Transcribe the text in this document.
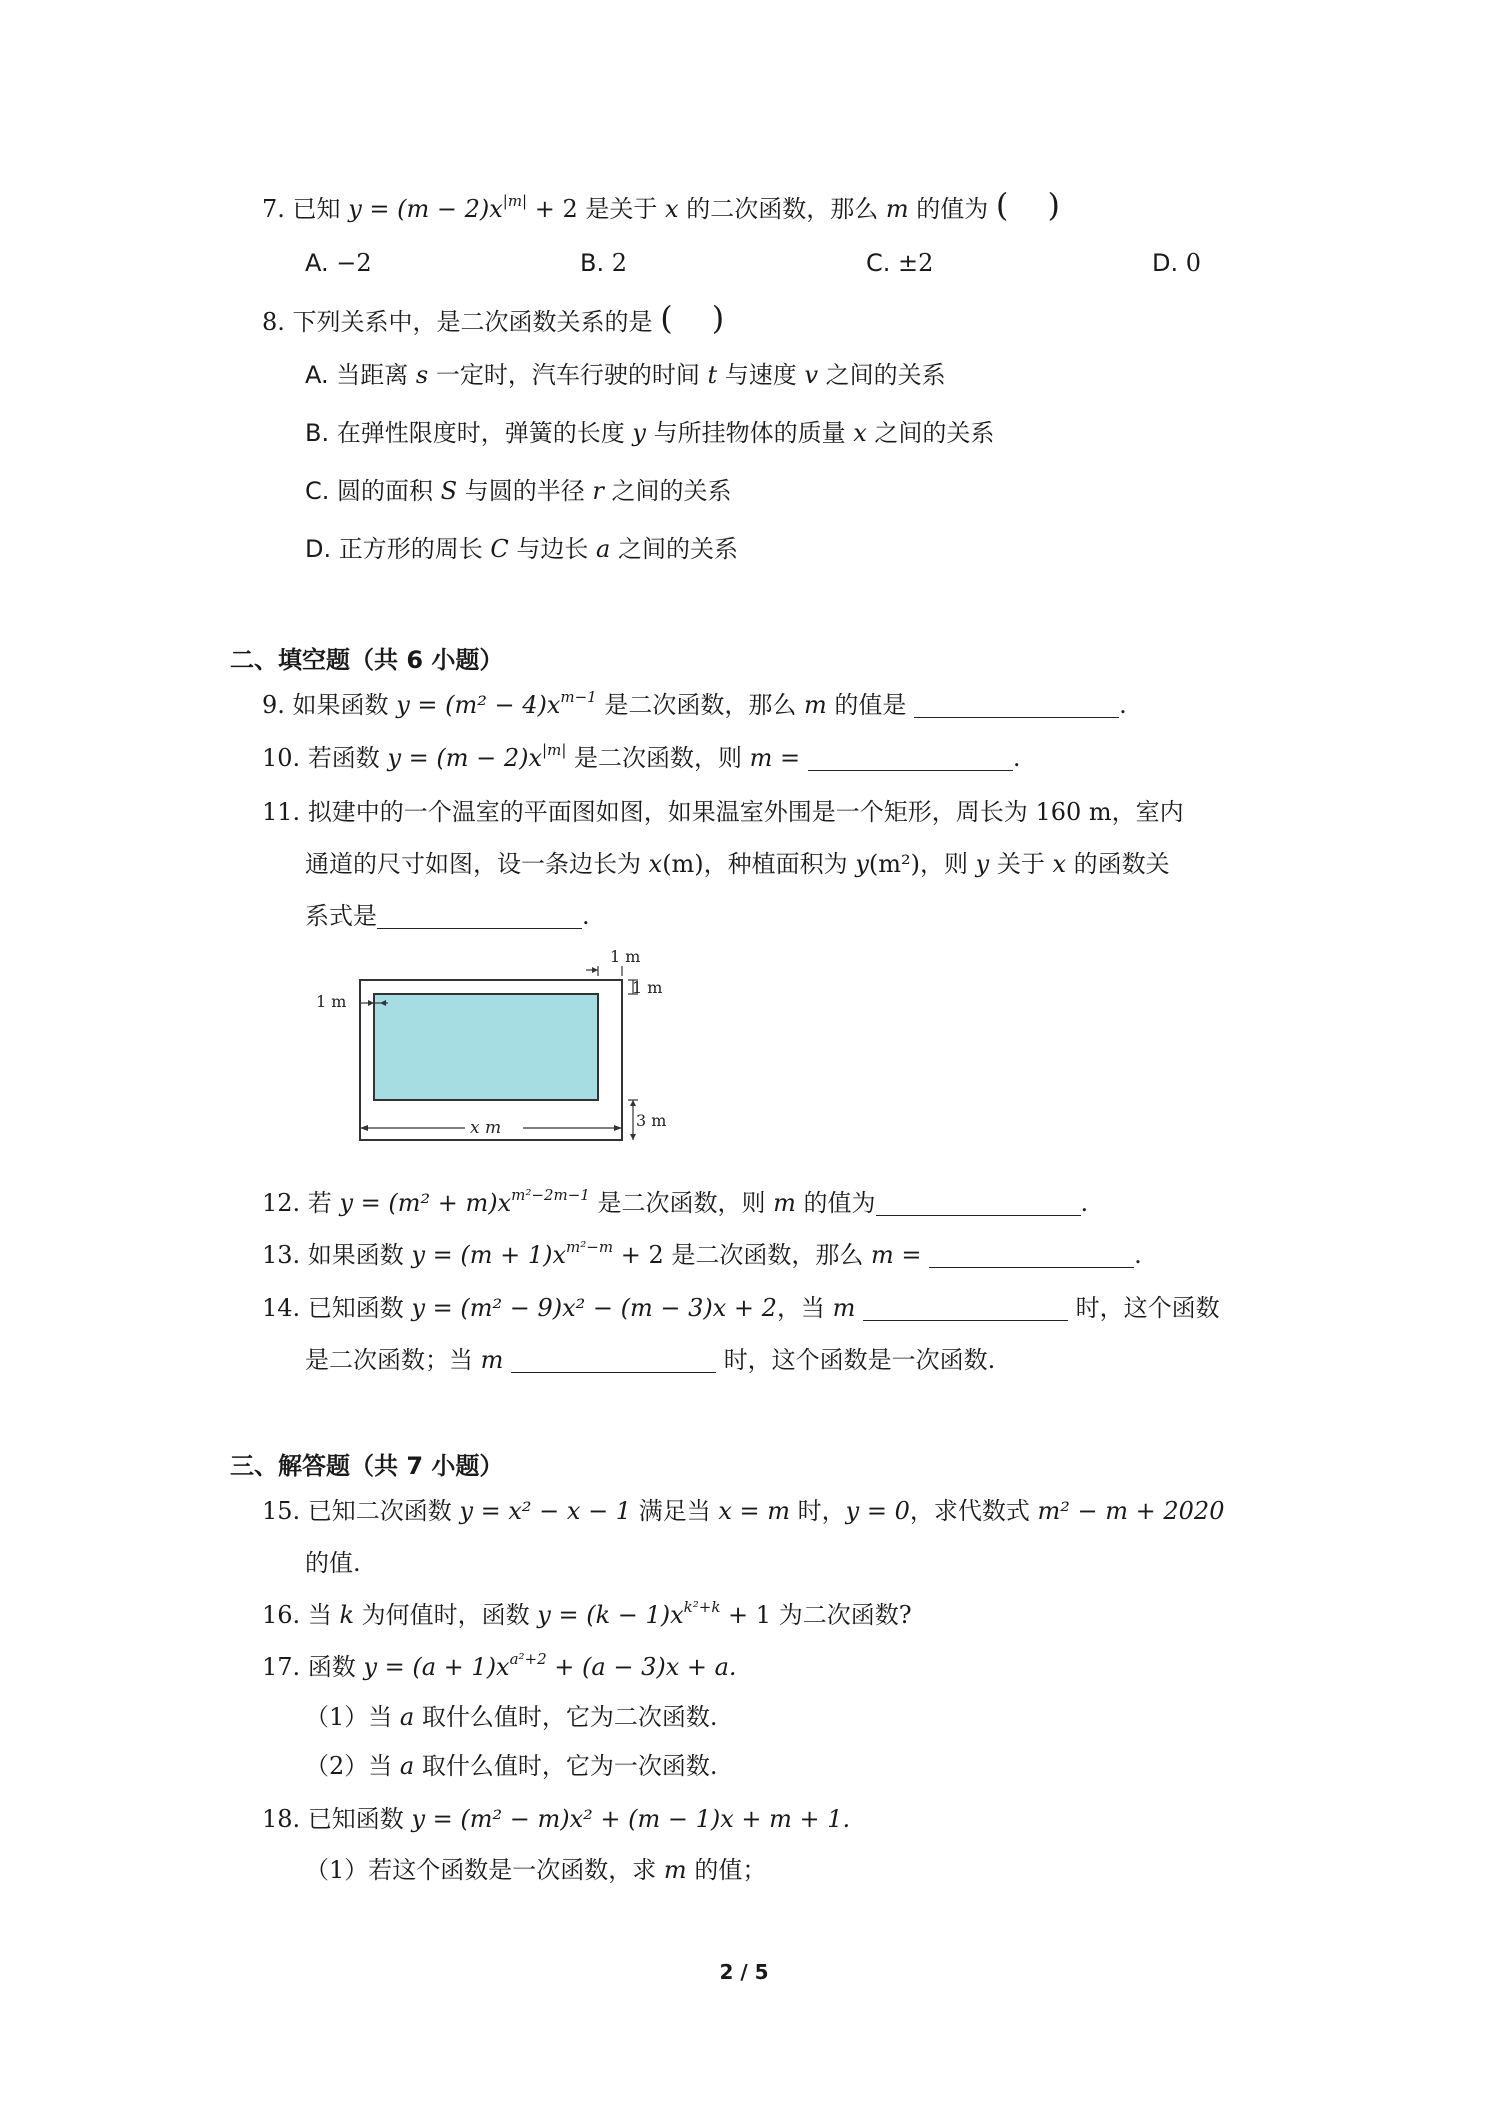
7. 已知 $y = (m - 2)x^{|m|} + 2$ 是关于 x 的二次函数，那么 m 的值为 ( )
A. −2	B. 2	C. ±2	D. 0
8. 下列关系中，是二次函数关系的是 ( )
A. 当距离 s 一定时，汽车行驶的时间 t 与速度 v 之间的关系
B. 在弹性限度时，弹簧的长度 y 与所挂物体的质量 x 之间的关系
C. 圆的面积 S 与圆的半径 r 之间的关系
D. 正方形的周长 C 与边长 a 之间的关系
二、填空题（共 6 小题）
9. 如果函数 $y = (m^2 - 4)x^{m-1}$ 是二次函数，那么 m 的值是	.
10. 若函数 $y = (m - 2)x^{|m|}$ 是二次函数，则 m =	.
11. 拟建中的一个温室的平面图如图，如果温室外围是一个矩形，周长为 160 m，室内
通道的尺寸如图，设一条边长为 x(m)，种植面积为 y(m²)，则 y 关于 x 的函数关
系式是	.
1 m
1 m
1 m
3 m
x m
12. 若 $y = (m^2 + m)x^{m^2-2m-1}$ 是二次函数，则 m 的值为	.
13. 如果函数 $y = (m + 1)x^{m^2-m} + 2$ 是二次函数，那么 m =	.
14. 已知函数 y = (m² − 9)x² − (m − 3)x + 2，当 m	时，这个函数
是二次函数；当 m	时，这个函数是一次函数.
三、解答题（共 7 小题）
15. 已知二次函数 y = x² − x − 1 满足当 x = m 时，y = 0，求代数式 m² − m + 2020
的值.
16. 当 k 为何值时，函数 $y = (k - 1)x^{k^2+k} + 1$ 为二次函数?
17. 函数 $y = (a + 1)x^{a^2+2} + (a - 3)x + a$.
（1）当 a 取什么值时，它为二次函数.
（2）当 a 取什么值时，它为一次函数.
18. 已知函数 y = (m² − m)x² + (m − 1)x + m + 1.
（1）若这个函数是一次函数，求 m 的值；
2 / 5
